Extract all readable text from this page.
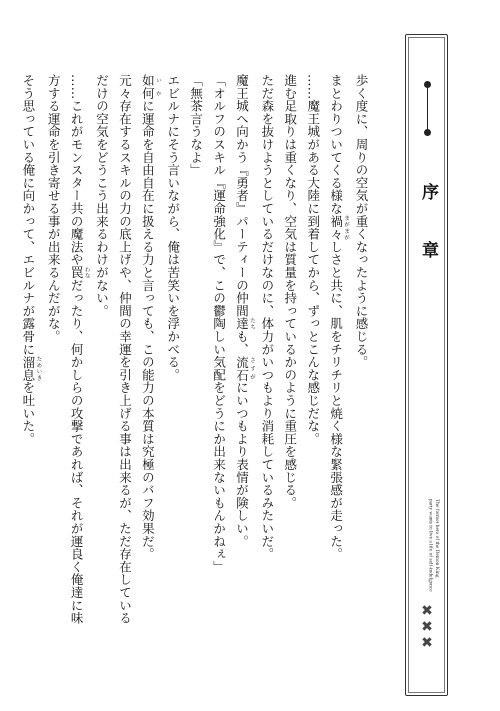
歩く度に、周りの空気が重くなったように感じる。
まとわりついてくる様な禍々 まがまがしさと共に、肌をチリチリと焼く様な緊張感が走った。
……魔王城がある大陸に到着してから、ずっとこんな感じだな。
進む足取りは重くなり、空気は質量を持っているかのように重圧を感じる。
ただ森を抜けようとしているだけなのに、体力がいつもより消耗しているみたいだ。
魔王城へ向かう『勇者』パーティーの仲間達 たちも、流石 さすがにいつもより表情が険しい。
「オルフのスキル『運命強化』で、この鬱陶しい気配をどうにか出来ないもんかねぇ」
「無茶言うなよ」
エビルナにそう言いながら、俺は苦笑いを浮かべる。
如何 いかに運命を自由自在に扱える力と言っても、この能力の本質は究極のバフ効果だ。
元々存在するスキルの力の底上げや、仲間の幸運を引き上げる事は出来るが、ただ存在している
だけの空気をどうこう出来るわけがない。
……これがモンスター共の魔法や罠 わなだったり、何かしらの攻撃であれば、それが運良く俺達に味
方する運命を引き寄せる事が出来るんだがな。
そう思っている俺に向かって、エビルナが露骨に溜息 ためいきを吐いた。
序　章
The former hero of the Demon King
party wants to live a life of self-indulgence
✖✖✖
